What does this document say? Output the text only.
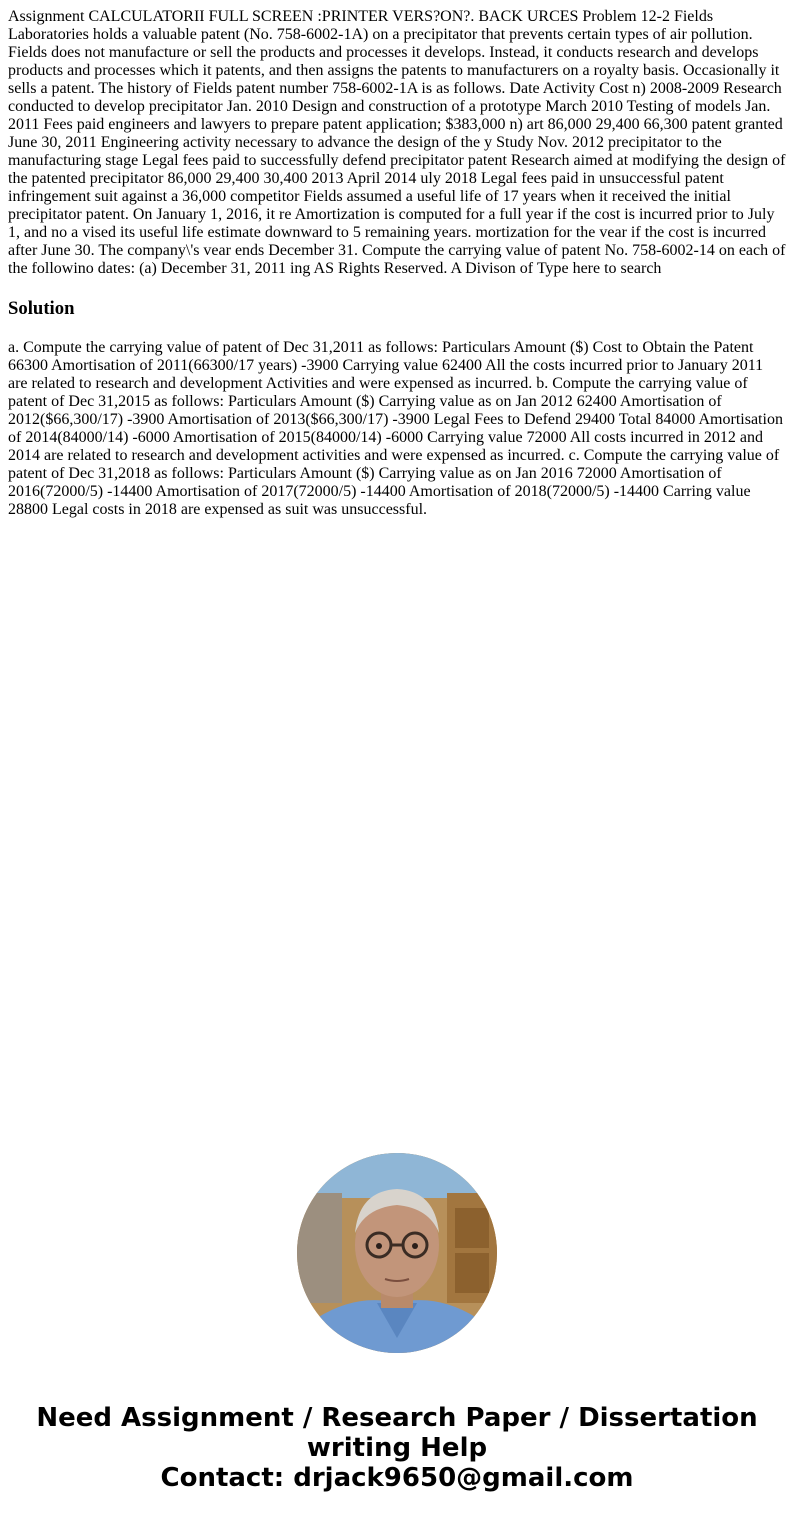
Assignment CALCULATORII FULL SCREEN :PRINTER VERS?ON?. BACK URCES Problem 12-2 Fields Laboratories holds a valuable patent (No. 758-6002-1A) on a precipitator that prevents certain types of air pollution. Fields does not manufacture or sell the products and processes it develops. Instead, it conducts research and develops products and processes which it patents, and then assigns the patents to manufacturers on a royalty basis. Occasionally it sells a patent. The history of Fields patent number 758-6002-1A is as follows. Date Activity Cost n) 2008-2009 Research conducted to develop precipitator Jan. 2010 Design and construction of a prototype March 2010 Testing of models Jan. 2011 Fees paid engineers and lawyers to prepare patent application; $383,000 n) art 86,000 29,400 66,300 patent granted June 30, 2011 Engineering activity necessary to advance the design of the y Study Nov. 2012 precipitator to the manufacturing stage Legal fees paid to successfully defend precipitator patent Research aimed at modifying the design of the patented precipitator 86,000 29,400 30,400 2013 April 2014 uly 2018 Legal fees paid in unsuccessful patent infringement suit against a 36,000 competitor Fields assumed a useful life of 17 years when it received the initial precipitator patent. On January 1, 2016, it re Amortization is computed for a full year if the cost is incurred prior to July 1, and no a vised its useful life estimate downward to 5 remaining years. mortization for the vear if the cost is incurred after June 30. The company\'s vear ends December 31. Compute the carrying value of patent No. 758-6002-14 on each of the followino dates: (a) December 31, 2011 ing AS Rights Reserved. A Divison of Type here to search

Solution

a. Compute the carrying value of patent of Dec 31,2011 as follows: Particulars Amount ($) Cost to Obtain the Patent 66300 Amortisation of 2011(66300/17 years) -3900 Carrying value 62400 All the costs incurred prior to January 2011 are related to research and development Activities and were expensed as incurred. b. Compute the carrying value of patent of Dec 31,2015 as follows: Particulars Amount ($) Carrying value as on Jan 2012 62400 Amortisation of 2012($66,300/17) -3900 Amortisation of 2013($66,300/17) -3900 Legal Fees to Defend 29400 Total 84000 Amortisation of 2014(84000/14) -6000 Amortisation of 2015(84000/14) -6000 Carrying value 72000 All costs incurred in 2012 and 2014 are related to research and development activities and were expensed as incurred. c. Compute the carrying value of patent of Dec 31,2018 as follows: Particulars Amount ($) Carrying value as on Jan 2016 72000 Amortisation of 2016(72000/5) -14400 Amortisation of 2017(72000/5) -14400 Amortisation of 2018(72000/5) -14400 Carring value 28800 Legal costs in 2018 are expensed as suit was unsuccessful.

Need Assignment / Research Paper / Dissertation
writing Help
Contact: drjack9650@gmail.com
